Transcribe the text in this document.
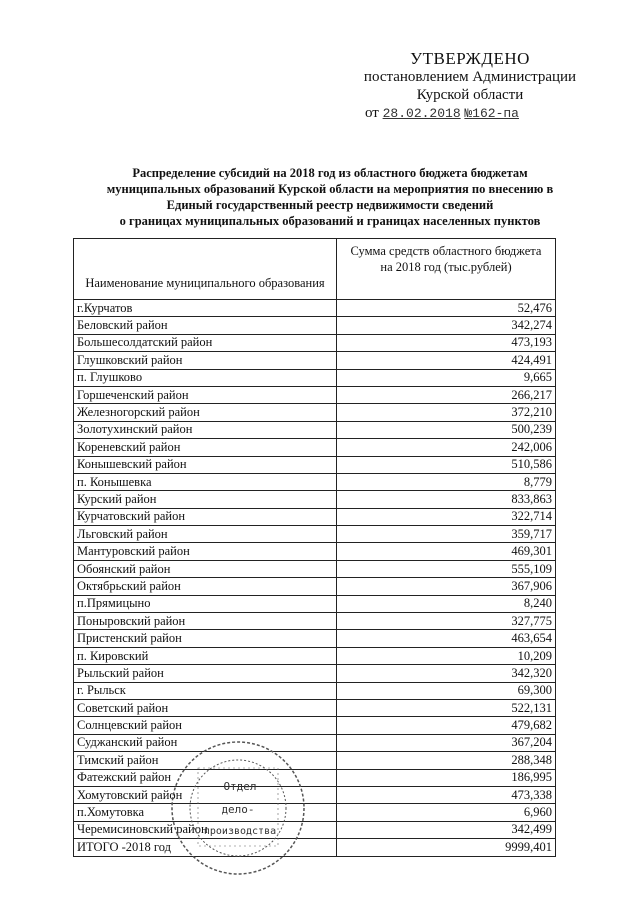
УТВЕРЖДЕНО
постановлением Администрации
Курской области
от 28.02.2018 №162-па
Распределение субсидий на 2018 год из областного бюджета бюджетам
муниципальных образований Курской области на мероприятия по внесению в
Единый государственный реестр недвижимости сведений
о границах муниципальных образований и границах населенных пунктов
Наименование муниципального образования	Сумма средств областного бюджета
на 2018 год (тыс.рублей)

г.Курчатов	52,476
Беловский район	342,274
Большесолдатский район	473,193
Глушковский район	424,491
п. Глушково	9,665
Горшеченский район	266,217
Железногорский район	372,210
Золотухинский район	500,239
Кореневский район	242,006
Конышевский район	510,586
п. Конышевка	8,779
Курский район	833,863
Курчатовский район	322,714
Льговский район	359,717
Мантуровский район	469,301
Обоянский район	555,109
Октябрьский район	367,906
п.Прямицыно	8,240
Поныровский район	327,775
Пристенский район	463,654
п. Кировский	10,209
Рыльский район	342,320
г. Рыльск	69,300
Советский район	522,131
Солнцевский район	479,682
Суджанский район	367,204
Тимский район	288,348
Фатежский район	186,995
Хомутовский район	473,338
п.Хомутовка	6,960
Черемисиновский район	342,499
ИТОГО -2018 год	9999,401
Отдел
дело-
производства
